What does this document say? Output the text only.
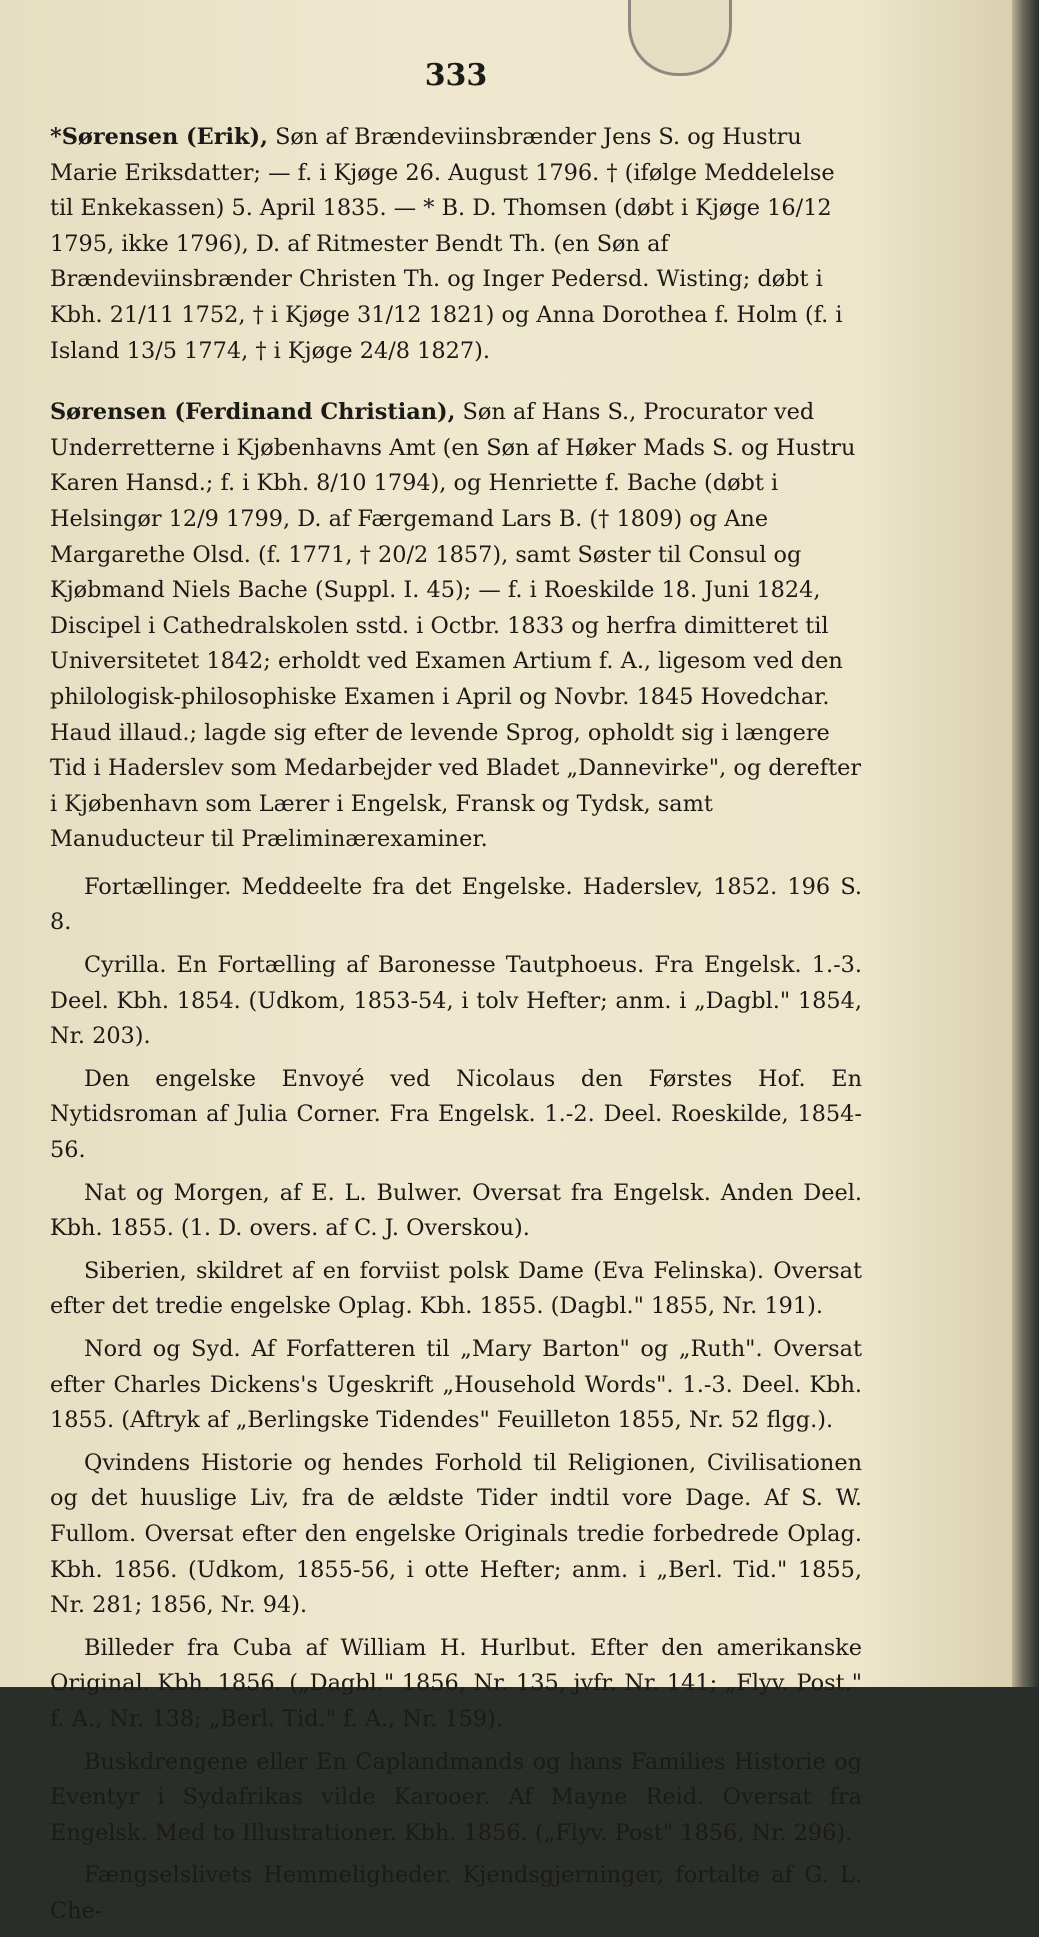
333

*Sørensen (Erik), Søn af Brændeviinsbrænder Jens S. og Hustru Marie Eriksdatter; — f. i Kjøge 26. August 1796. † (ifølge Meddelelse til Enkekassen) 5. April 1835. — * B. D. Thomsen (døbt i Kjøge 16/12 1795, ikke 1796), D. af Ritmester Bendt Th. (en Søn af Brændeviinsbrænder Christen Th. og Inger Pedersd. Wisting; døbt i Kbh. 21/11 1752, † i Kjøge 31/12 1821) og Anna Dorothea f. Holm (f. i Island 13/5 1774, † i Kjøge 24/8 1827).

Sørensen (Ferdinand Christian), Søn af Hans S., Procurator ved Underretterne i Kjøbenhavns Amt (en Søn af Høker Mads S. og Hustru Karen Hansd.; f. i Kbh. 8/10 1794), og Henriette f. Bache (døbt i Helsingør 12/9 1799, D. af Færgemand Lars B. († 1809) og Ane Margarethe Olsd. (f. 1771, † 20/2 1857), samt Søster til Consul og Kjøbmand Niels Bache (Suppl. I. 45); — f. i Roeskilde 18. Juni 1824, Discipel i Cathedralskolen sstd. i Octbr. 1833 og herfra dimitteret til Universitetet 1842; erholdt ved Examen Artium f. A., ligesom ved den philologisk-philosophiske Examen i April og Novbr. 1845 Hovedchar. Haud illaud.; lagde sig efter de levende Sprog, opholdt sig i længere Tid i Haderslev som Medarbejder ved Bladet „Dannevirke", og derefter i Kjøbenhavn som Lærer i Engelsk, Fransk og Tydsk, samt Manuducteur til Præliminærexaminer.

Fortællinger. Meddeelte fra det Engelske. Haderslev, 1852. 196 S. 8.

Cyrilla. En Fortælling af Baronesse Tautphoeus. Fra Engelsk. 1.-3. Deel. Kbh. 1854. (Udkom, 1853-54, i tolv Hefter; anm. i „Dagbl." 1854, Nr. 203).

Den engelske Envoyé ved Nicolaus den Førstes Hof. En Nytidsroman af Julia Corner. Fra Engelsk. 1.-2. Deel. Roeskilde, 1854-56.

Nat og Morgen, af E. L. Bulwer. Oversat fra Engelsk. Anden Deel. Kbh. 1855. (1. D. overs. af C. J. Overskou).

Siberien, skildret af en forviist polsk Dame (Eva Felinska). Oversat efter det tredie engelske Oplag. Kbh. 1855. (Dagbl." 1855, Nr. 191).

Nord og Syd. Af Forfatteren til „Mary Barton" og „Ruth". Oversat efter Charles Dickens's Ugeskrift „Household Words". 1.-3. Deel. Kbh. 1855. (Aftryk af „Berlingske Tidendes" Feuilleton 1855, Nr. 52 flgg.).

Qvindens Historie og hendes Forhold til Religionen, Civilisationen og det huuslige Liv, fra de ældste Tider indtil vore Dage. Af S. W. Fullom. Oversat efter den engelske Originals tredie forbedrede Oplag. Kbh. 1856. (Udkom, 1855-56, i otte Hefter; anm. i „Berl. Tid." 1855, Nr. 281; 1856, Nr. 94).

Billeder fra Cuba af William H. Hurlbut. Efter den amerikanske Original. Kbh. 1856. („Dagbl." 1856, Nr. 135, jvfr. Nr. 141; „Flyv. Post." f. A., Nr. 138; „Berl. Tid." f. A., Nr. 159).

Buskdrengene eller En Caplandmands og hans Families Historie og Eventyr i Sydafrikas vilde Karooer. Af Mayne Reid. Oversat fra Engelsk. Med to Illustrationer. Kbh. 1856. („Flyv. Post" 1856, Nr. 296).

Fængselslivets Hemmeligheder. Kjendsgjerninger, fortalte af G. L. Che-
